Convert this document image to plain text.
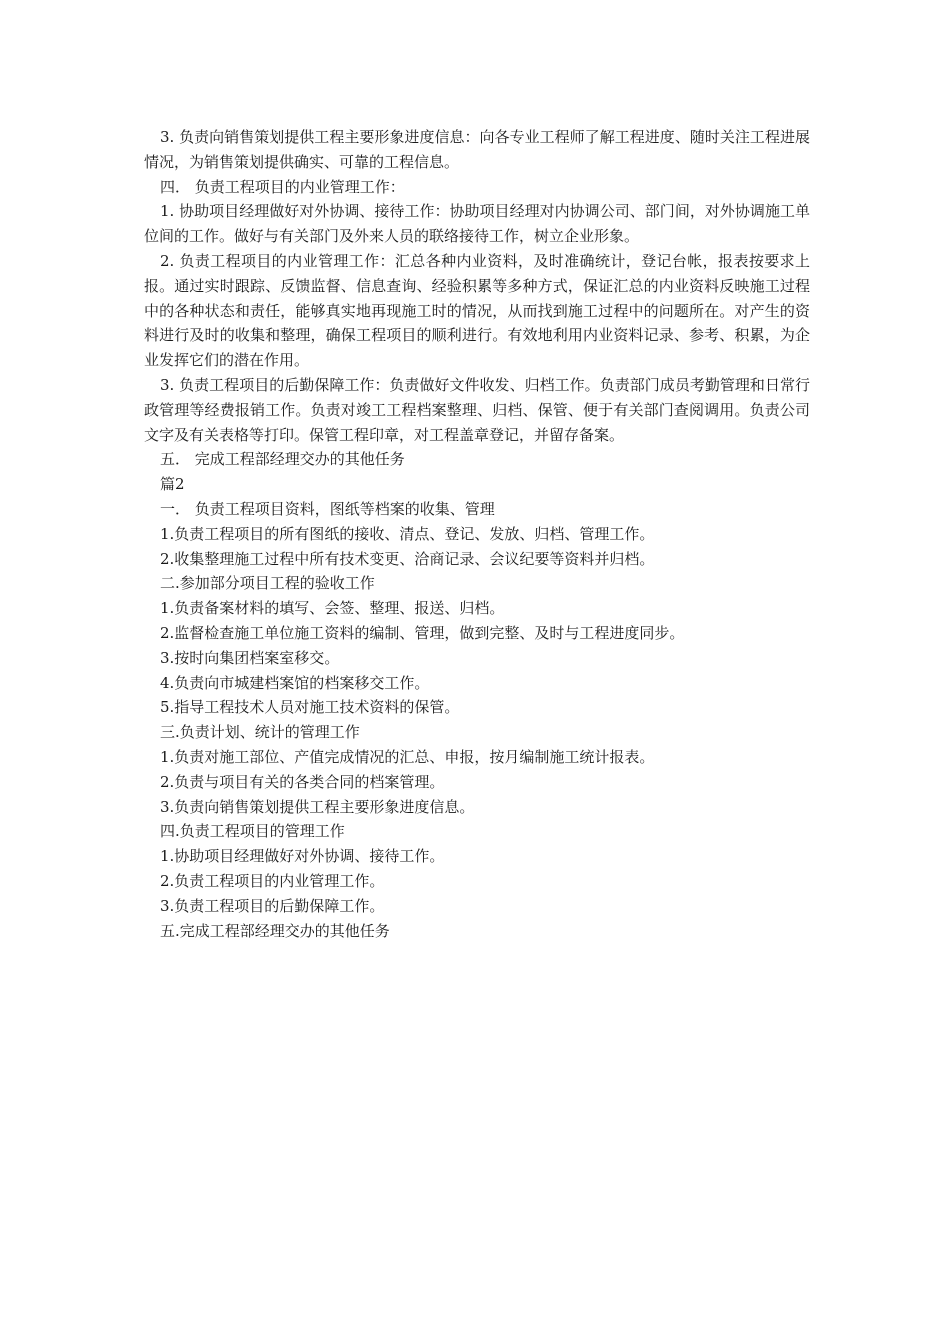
3. 负责向销售策划提供工程主要形象进度信息：向各专业工程师了解工程进度、随时关注工程进展情况，为销售策划提供确实、可靠的工程信息。

四． 负责工程项目的内业管理工作：

1. 协助项目经理做好对外协调、接待工作：协助项目经理对内协调公司、部门间，对外协调施工单位间的工作。做好与有关部门及外来人员的联络接待工作，树立企业形象。

2. 负责工程项目的内业管理工作：汇总各种内业资料，及时准确统计，登记台帐，报表按要求上报。通过实时跟踪、反馈监督、信息查询、经验积累等多种方式，保证汇总的内业资料反映施工过程中的各种状态和责任，能够真实地再现施工时的情况，从而找到施工过程中的问题所在。对产生的资料进行及时的收集和整理，确保工程项目的顺利进行。有效地利用内业资料记录、参考、积累，为企业发挥它们的潜在作用。

3. 负责工程项目的后勤保障工作：负责做好文件收发、归档工作。负责部门成员考勤管理和日常行政管理等经费报销工作。负责对竣工工程档案整理、归档、保管、便于有关部门查阅调用。负责公司文字及有关表格等打印。保管工程印章，对工程盖章登记，并留存备案。

五． 完成工程部经理交办的其他任务

篇2

一． 负责工程项目资料，图纸等档案的收集、管理

1.负责工程项目的所有图纸的接收、清点、登记、发放、归档、管理工作。

2.收集整理施工过程中所有技术变更、洽商记录、会议纪要等资料并归档。

二.参加部分项目工程的验收工作

1.负责备案材料的填写、会签、整理、报送、归档。

2.监督检查施工单位施工资料的编制、管理，做到完整、及时与工程进度同步。

3.按时向集团档案室移交。

4.负责向市城建档案馆的档案移交工作。

5.指导工程技术人员对施工技术资料的保管。

三.负责计划、统计的管理工作

1.负责对施工部位、产值完成情况的汇总、申报，按月编制施工统计报表。

2.负责与项目有关的各类合同的档案管理。

3.负责向销售策划提供工程主要形象进度信息。

四.负责工程项目的管理工作

1.协助项目经理做好对外协调、接待工作。

2.负责工程项目的内业管理工作。

3.负责工程项目的后勤保障工作。

五.完成工程部经理交办的其他任务
